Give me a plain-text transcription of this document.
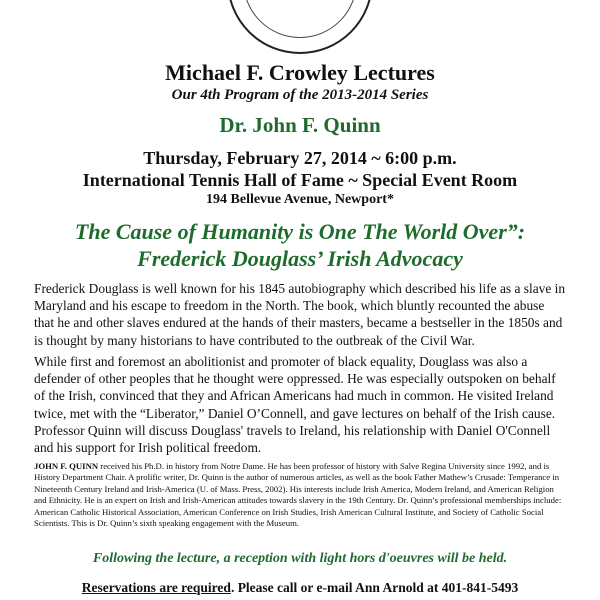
Michael F. Crowley Lectures
Our 4th Program of the 2013-2014 Series
Dr. John F. Quinn
Thursday, February 27, 2014 ~ 6:00 p.m.
International Tennis Hall of Fame ~ Special Event Room
194 Bellevue Avenue, Newport*
The Cause of Humanity is One The World Over”:
Frederick Douglass’ Irish Advocacy
Frederick Douglass is well known for his 1845 autobiography which described his life as a slave in Maryland and his escape to freedom in the North. The book, which bluntly recounted the abuse that he and other slaves endured at the hands of their masters, became a bestseller in the 1850s and is thought by many historians to have contributed to the outbreak of the Civil War.
While first and foremost an abolitionist and promoter of black equality, Douglass was also a defender of other peoples that he thought were oppressed. He was especially outspoken on behalf of the Irish, convinced that they and African Americans had much in common. He visited Ireland twice, met with the “Liberator,” Daniel O’Connell, and gave lectures on behalf of the Irish cause. Professor Quinn will discuss Douglass' travels to Ireland, his relationship with Daniel O'Connell and his support for Irish political freedom.
JOHN F. QUINN received his Ph.D. in history from Notre Dame. He has been professor of history with Salve Regina University since 1992, and is History Department Chair. A prolific writer, Dr. Quinn is the author of numerous articles, as well as the book Father Mathew’s Crusade: Temperance in Nineteenth Century Ireland and Irish-America (U. of Mass. Press, 2002). His interests include Irish America, Modern Ireland, and American Religion and Ethnicity. He is an expert on Irish and Irish-American attitudes towards slavery in the 19th Century. Dr. Quinn’s professional memberships include: American Catholic Historical Association, American Conference on Irish Studies, Irish American Cultural Institute, and Society of Catholic Social Scientists. This is Dr. Quinn’s sixth speaking engagement with the Museum.
Following the lecture, a reception with light hors d'oeuvres will be held.
Reservations are required. Please call or e-mail Ann Arnold at 401-841-5493
